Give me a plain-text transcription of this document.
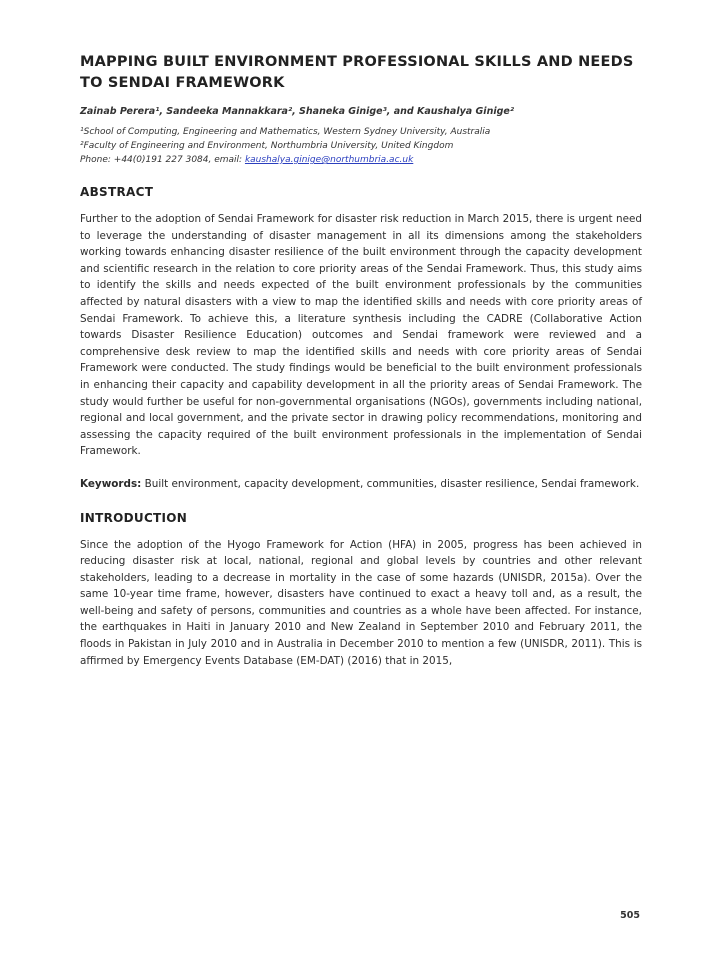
MAPPING BUILT ENVIRONMENT PROFESSIONAL SKILLS AND NEEDS TO SENDAI FRAMEWORK

Zainab Perera¹, Sandeeka Mannakkara², Shaneka Ginige³, and Kaushalya Ginige²

¹School of Computing, Engineering and Mathematics, Western Sydney University, Australia

²Faculty of Engineering and Environment, Northumbria University, United Kingdom

Phone: +44(0)191 227 3084, email: kaushalya.ginige@northumbria.ac.uk

ABSTRACT

Further to the adoption of Sendai Framework for disaster risk reduction in March 2015, there is urgent need to leverage the understanding of disaster management in all its dimensions among the stakeholders working towards enhancing disaster resilience of the built environment through the capacity development and scientific research in the relation to core priority areas of the Sendai Framework. Thus, this study aims to identify the skills and needs expected of the built environment professionals by the communities affected by natural disasters with a view to map the identified skills and needs with core priority areas of Sendai Framework. To achieve this, a literature synthesis including the CADRE (Collaborative Action towards Disaster Resilience Education) outcomes and Sendai framework were reviewed and a comprehensive desk review to map the identified skills and needs with core priority areas of Sendai Framework were conducted. The study findings would be beneficial to the built environment professionals in enhancing their capacity and capability development in all the priority areas of Sendai Framework. The study would further be useful for non-governmental organisations (NGOs), governments including national, regional and local government, and the private sector in drawing policy recommendations, monitoring and assessing the capacity required of the built environment professionals in the implementation of Sendai Framework.

Keywords: Built environment, capacity development, communities, disaster resilience, Sendai framework.

INTRODUCTION

Since the adoption of the Hyogo Framework for Action (HFA) in 2005, progress has been achieved in reducing disaster risk at local, national, regional and global levels by countries and other relevant stakeholders, leading to a decrease in mortality in the case of some hazards (UNISDR, 2015a). Over the same 10-year time frame, however, disasters have continued to exact a heavy toll and, as a result, the well-being and safety of persons, communities and countries as a whole have been affected. For instance, the earthquakes in Haiti in January 2010 and New Zealand in September 2010 and February 2011, the floods in Pakistan in July 2010 and in Australia in December 2010 to mention a few (UNISDR, 2011). This is affirmed by Emergency Events Database (EM-DAT) (2016) that in 2015,

505
